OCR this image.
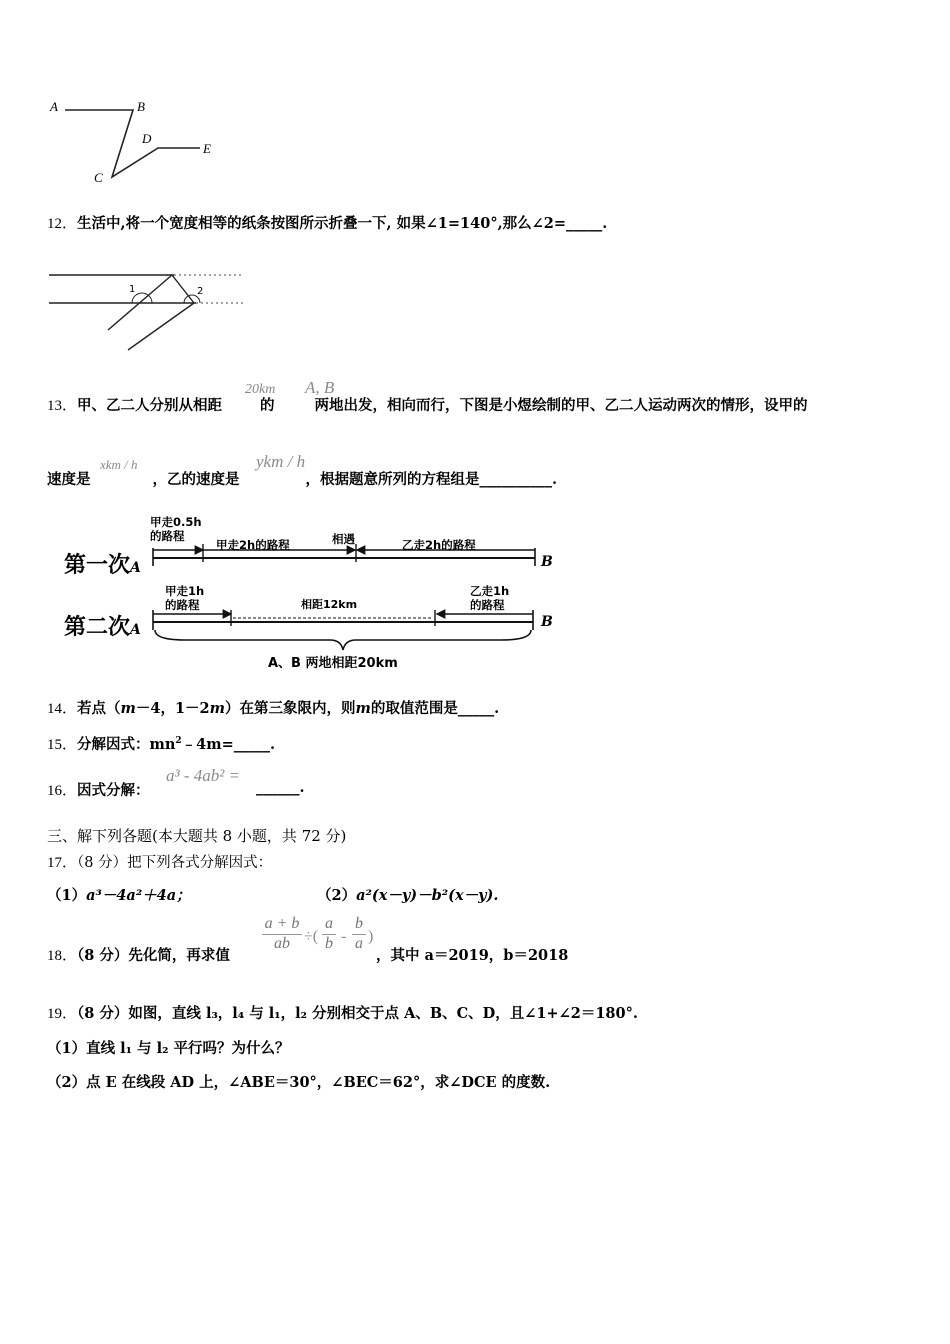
A	B
D
E
C
12．生活中,将一个宽度相等的纸条按图所示折叠一下, 如果∠1=140°,那么∠2=_____.
1	2
13．甲、乙二人分别从相距	的	两地出发，相向而行，下图是小煜绘制的甲、乙二人运动两次的情形，设甲的
20km A, B
速度是	，乙的速度是	，根据题意所列的方程组是__________.
xkm / h	ykm / h
第一次A
第二次A
B
B
甲走0.5h
的路程
甲走2h的路程	相遇	乙走2h的路程
甲走1h
的路程	相距12km
乙走1h
的路程
A、B 两地相距20km
14．若点（m－4，1－2m）在第三象限内，则m的取值范围是_____.
15．分解因式：$mn^2﹣4m=\_\_\_\_\_$.
16．因式分解：
a³ - 4ab² =
______.
三、解下列各题(本大题共 8 小题，共 72 分)
17．（8 分）把下列各式分解因式：
（1）a³－4a²＋4a；	（2）a²(x－y)－b²(x－y).
18．（8 分）先化简，再求值
$\frac{a + b}{ab}$ ÷( $\frac{a}{b} - \frac{b}{a}$ )
，其中 a＝2019，b＝2018
19．（8 分）如图，直线 l₃，l₄ 与 l₁，l₂ 分别相交于点 A、B、C、D，且∠1+∠2＝180°.
（1）直线 l₁ 与 l₂ 平行吗？为什么？
（2）点 E 在线段 AD 上，∠ABE＝30°，∠BEC＝62°，求∠DCE 的度数.
